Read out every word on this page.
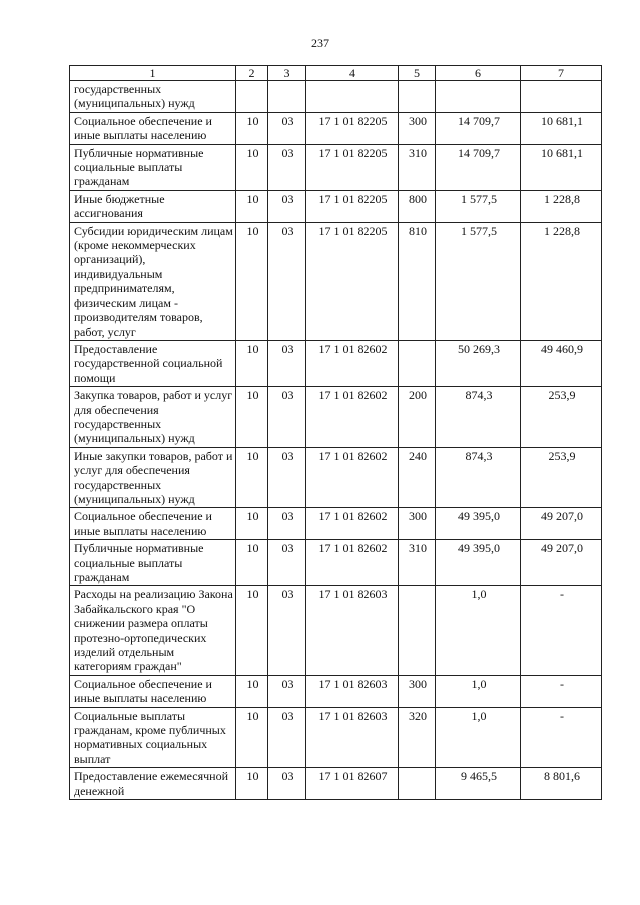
237
1	2	3	4	5	6	7
государственных (муниципальных) нужд						
Социальное обеспечение и иные выплаты населению	10	03	17 1 01 82205	300	14 709,7	10 681,1
Публичные нормативные социальные выплаты гражданам	10	03	17 1 01 82205	310	14 709,7	10 681,1
Иные бюджетные ассигнования	10	03	17 1 01 82205	800	1 577,5	1 228,8
Субсидии юридическим лицам (кроме некоммерческих организаций), индивидуальным предпринимателям, физическим лицам - производителям товаров, работ, услуг	10	03	17 1 01 82205	810	1 577,5	1 228,8
Предоставление государственной социальной помощи	10	03	17 1 01 82602		50 269,3	49 460,9
Закупка товаров, работ и услуг для обеспечения государственных (муниципальных) нужд	10	03	17 1 01 82602	200	874,3	253,9
Иные закупки товаров, работ и услуг для обеспечения государственных (муниципальных) нужд	10	03	17 1 01 82602	240	874,3	253,9
Социальное обеспечение и иные выплаты населению	10	03	17 1 01 82602	300	49 395,0	49 207,0
Публичные нормативные социальные выплаты гражданам	10	03	17 1 01 82602	310	49 395,0	49 207,0
Расходы на реализацию Закона Забайкальского края "О снижении размера оплаты протезно-ортопедических изделий отдельным категориям граждан"	10	03	17 1 01 82603		1,0	-
Социальное обеспечение и иные выплаты населению	10	03	17 1 01 82603	300	1,0	-
Социальные выплаты гражданам, кроме публичных нормативных социальных выплат	10	03	17 1 01 82603	320	1,0	-
Предоставление ежемесячной денежной	10	03	17 1 01 82607		9 465,5	8 801,6
